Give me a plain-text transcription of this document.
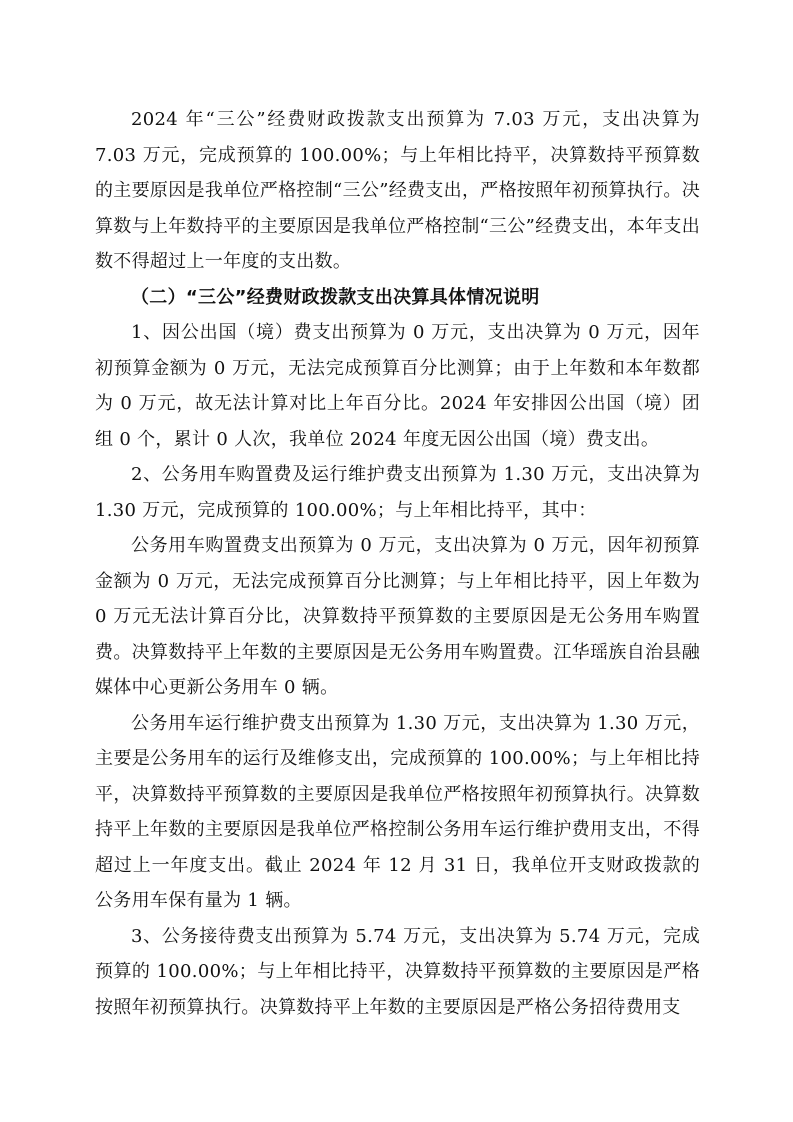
2024 年“三公”经费财政拨款支出预算为 7.03 万元，支出决算为 7.03 万元，完成预算的 100.00%；与上年相比持平，决算数持平预算数的主要原因是我单位严格控制“三公”经费支出，严格按照年初预算执行。决算数与上年数持平的主要原因是我单位严格控制“三公”经费支出，本年支出数不得超过上一年度的支出数。

（二）“三公”经费财政拨款支出决算具体情况说明

1、因公出国（境）费支出预算为 0 万元，支出决算为 0 万元，因年初预算金额为 0 万元，无法完成预算百分比测算；由于上年数和本年数都为 0 万元，故无法计算对比上年百分比。2024 年安排因公出国（境）团组 0 个，累计 0 人次，我单位 2024 年度无因公出国（境）费支出。

2、公务用车购置费及运行维护费支出预算为 1.30 万元，支出决算为 1.30 万元，完成预算的 100.00%；与上年相比持平，其中：

公务用车购置费支出预算为 0 万元，支出决算为 0 万元，因年初预算金额为 0 万元，无法完成预算百分比测算；与上年相比持平，因上年数为 0 万元无法计算百分比，决算数持平预算数的主要原因是无公务用车购置费。决算数持平上年数的主要原因是无公务用车购置费。江华瑶族自治县融媒体中心更新公务用车 0 辆。

公务用车运行维护费支出预算为 1.30 万元，支出决算为 1.30 万元，主要是公务用车的运行及维修支出，完成预算的 100.00%；与上年相比持平，决算数持平预算数的主要原因是我单位严格按照年初预算执行。决算数持平上年数的主要原因是我单位严格控制公务用车运行维护费用支出，不得超过上一年度支出。截止 2024 年 12 月 31 日，我单位开支财政拨款的公务用车保有量为 1 辆。

3、公务接待费支出预算为 5.74 万元，支出决算为 5.74 万元，完成预算的 100.00%；与上年相比持平，决算数持平预算数的主要原因是严格按照年初预算执行。决算数持平上年数的主要原因是严格公务招待费用支
